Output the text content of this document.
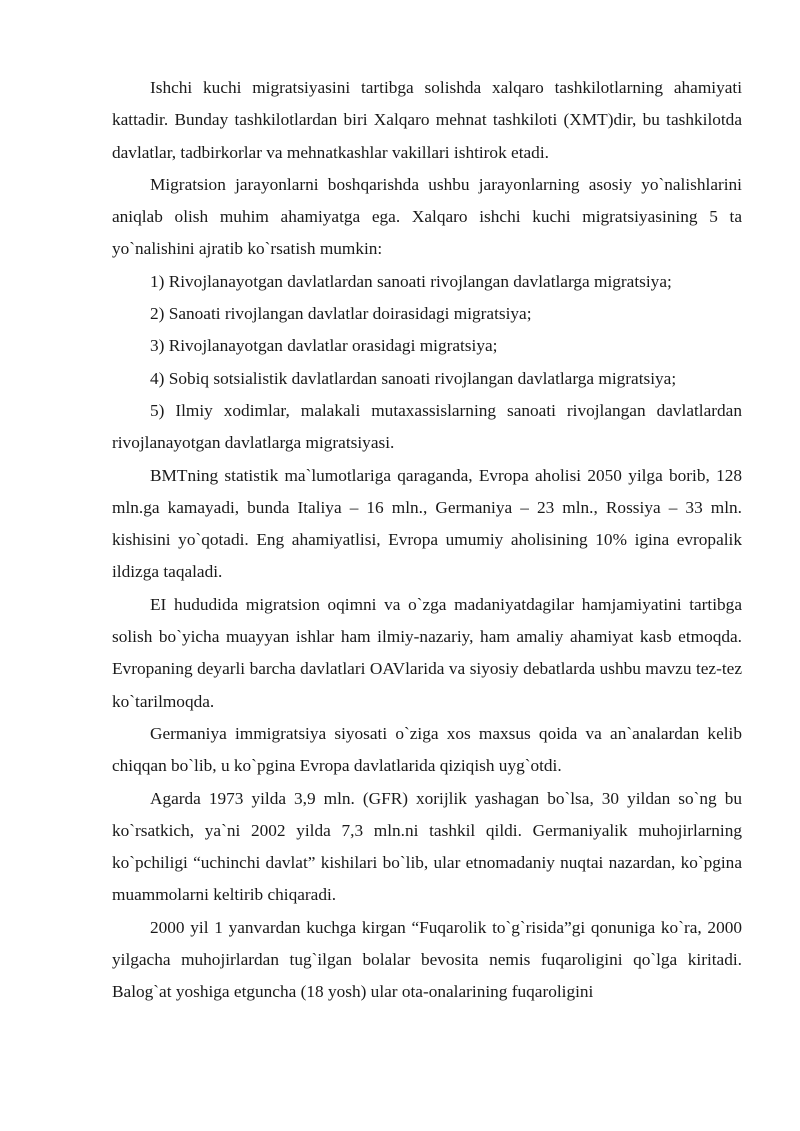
Ishchi kuchi migratsiyasini tartibga solishda xalqaro tashkilotlarning ahamiyati kattadir. Bunday tashkilotlardan biri Xalqaro mehnat tashkiloti (XMT)dir, bu tashkilotda davlatlar, tadbirkorlar va mehnatkashlar vakillari ishtirok etadi.

Migratsion jarayonlarni boshqarishda ushbu jarayonlarning asosiy yo`nalishlarini aniqlab olish muhim ahamiyatga ega. Xalqaro ishchi kuchi migratsiyasining 5 ta yo`nalishini ajratib ko`rsatish mumkin:

1) Rivojlanayotgan davlatlardan sanoati rivojlangan davlatlarga migratsiya;

2) Sanoati rivojlangan davlatlar doirasidagi migratsiya;

3) Rivojlanayotgan davlatlar orasidagi migratsiya;

4) Sobiq sotsialistik davlatlardan sanoati rivojlangan davlatlarga migratsiya;

5) Ilmiy xodimlar, malakali mutaxassislarning sanoati rivojlangan davlatlardan rivojlanayotgan davlatlarga migratsiyasi.

BMTning statistik ma`lumotlariga qaraganda, Evropa aholisi 2050 yilga borib, 128 mln.ga kamayadi, bunda Italiya – 16 mln., Germaniya – 23 mln., Rossiya – 33 mln. kishisini yo`qotadi. Eng ahamiyatlisi, Evropa umumiy aholisining 10% igina evropalik ildizga taqaladi.

EI hududida migratsion oqimni va o`zga madaniyatdagilar hamjamiyatini tartibga solish bo`yicha muayyan ishlar ham ilmiy-nazariy, ham amaliy ahamiyat kasb etmoqda. Evropaning deyarli barcha davlatlari OAVlarida va siyosiy debatlarda ushbu mavzu tez-tez ko`tarilmoqda.

Germaniya immigratsiya siyosati o`ziga xos maxsus qoida va an`analardan kelib chiqqan bo`lib, u ko`pgina Evropa davlatlarida qiziqish uyg`otdi.

Agarda 1973 yilda 3,9 mln. (GFR) xorijlik yashagan bo`lsa, 30 yildan so`ng bu ko`rsatkich, ya`ni 2002 yilda 7,3 mln.ni tashkil qildi. Germaniyalik muhojirlarning ko`pchiligi “uchinchi davlat” kishilari bo`lib, ular etnomadaniy nuqtai nazardan, ko`pgina muammolarni keltirib chiqaradi.

2000 yil 1 yanvardan kuchga kirgan “Fuqarolik to`g`risida”gi qonuniga ko`ra, 2000 yilgacha muhojirlardan tug`ilgan bolalar bevosita nemis fuqaroligini qo`lga kiritadi. Balog`at yoshiga etguncha (18 yosh) ular ota-onalarining fuqaroligini
